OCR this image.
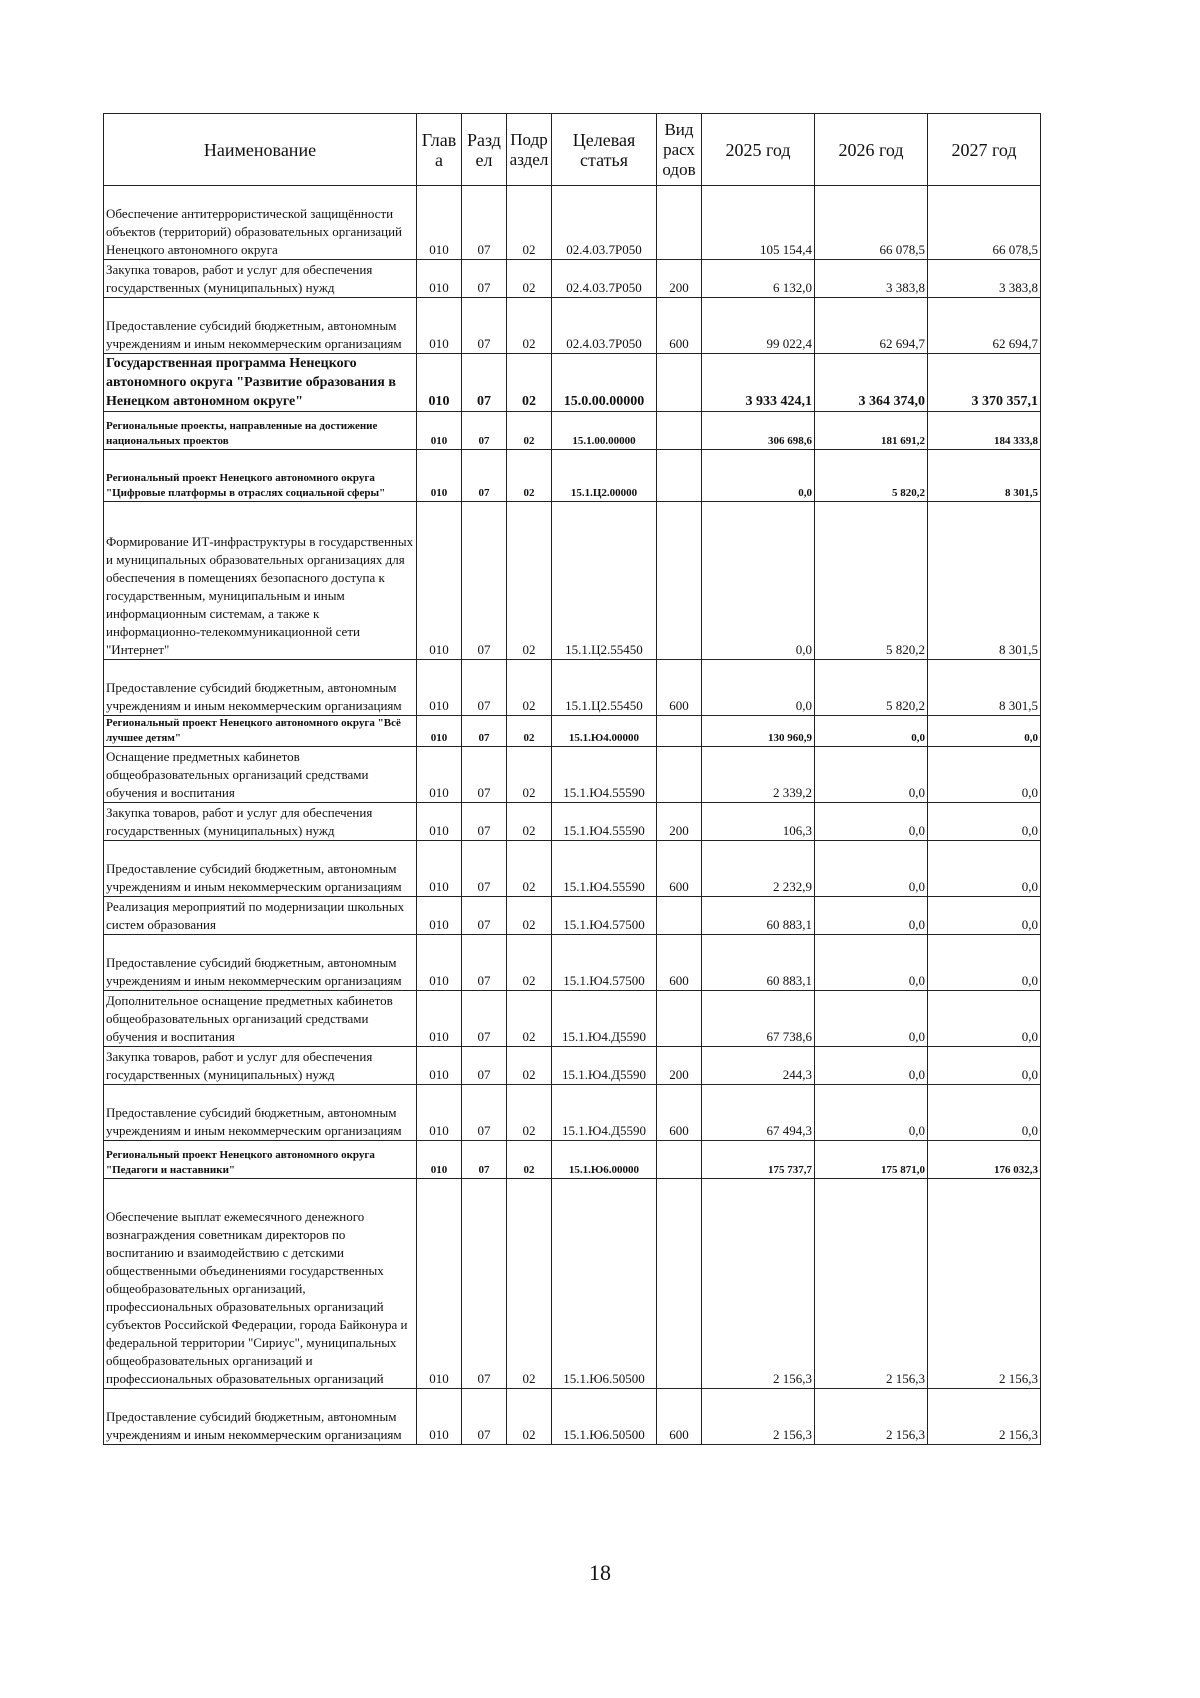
Наименование	Глав а	Разд ел	Подр аздел	Целевая статья	Вид расх одов	2025 год	2026 год	2027 год
Обеспечение антитеррористической защищённости объектов (территорий) образовательных организаций Ненецкого автономного округа	010	07	02	02.4.03.7P050		105 154,4	66 078,5	66 078,5
Закупка товаров, работ и услуг для обеспечения государственных (муниципальных) нужд	010	07	02	02.4.03.7P050	200	6 132,0	3 383,8	3 383,8
Предоставление субсидий бюджетным, автономным учреждениям и иным некоммерческим организациям	010	07	02	02.4.03.7P050	600	99 022,4	62 694,7	62 694,7
Государственная программа Ненецкого автономного округа "Развитие образования в Ненецком автономном округе"	010	07	02	15.0.00.00000		3 933 424,1	3 364 374,0	3 370 357,1
Региональные проекты, направленные на достижение национальных проектов	010	07	02	15.1.00.00000		306 698,6	181 691,2	184 333,8
Региональный проект Ненецкого автономного округа "Цифровые платформы в отраслях социальной сферы"	010	07	02	15.1.Ц2.00000		0,0	5 820,2	8 301,5
Формирование ИТ-инфраструктуры в государственных и муниципальных образовательных организациях для обеспечения в помещениях безопасного доступа к государственным, муниципальным и иным информационным системам, а также к информационно-телекоммуникационной сети "Интернет"	010	07	02	15.1.Ц2.55450		0,0	5 820,2	8 301,5
Предоставление субсидий бюджетным, автономным учреждениям и иным некоммерческим организациям	010	07	02	15.1.Ц2.55450	600	0,0	5 820,2	8 301,5
Региональный проект Ненецкого автономного округа "Всё лучшее детям"	010	07	02	15.1.Ю4.00000		130 960,9	0,0	0,0
Оснащение предметных кабинетов общеобразовательных организаций средствами обучения и воспитания	010	07	02	15.1.Ю4.55590		2 339,2	0,0	0,0
Закупка товаров, работ и услуг для обеспечения государственных (муниципальных) нужд	010	07	02	15.1.Ю4.55590	200	106,3	0,0	0,0
Предоставление субсидий бюджетным, автономным учреждениям и иным некоммерческим организациям	010	07	02	15.1.Ю4.55590	600	2 232,9	0,0	0,0
Реализация мероприятий по модернизации школьных систем образования	010	07	02	15.1.Ю4.57500		60 883,1	0,0	0,0
Предоставление субсидий бюджетным, автономным учреждениям и иным некоммерческим организациям	010	07	02	15.1.Ю4.57500	600	60 883,1	0,0	0,0
Дополнительное оснащение предметных кабинетов общеобразовательных организаций средствами обучения и воспитания	010	07	02	15.1.Ю4.Д5590		67 738,6	0,0	0,0
Закупка товаров, работ и услуг для обеспечения государственных (муниципальных) нужд	010	07	02	15.1.Ю4.Д5590	200	244,3	0,0	0,0
Предоставление субсидий бюджетным, автономным учреждениям и иным некоммерческим организациям	010	07	02	15.1.Ю4.Д5590	600	67 494,3	0,0	0,0
Региональный проект Ненецкого автономного округа "Педагоги и наставники"	010	07	02	15.1.Ю6.00000		175 737,7	175 871,0	176 032,3
Обеспечение выплат ежемесячного денежного вознаграждения советникам директоров по воспитанию и взаимодействию с детскими общественными объединениями государственных общеобразовательных организаций, профессиональных образовательных организаций субъектов Российской Федерации, города Байконура и федеральной территории "Сириус", муниципальных общеобразовательных организаций и профессиональных образовательных организаций	010	07	02	15.1.Ю6.50500		2 156,3	2 156,3	2 156,3
Предоставление субсидий бюджетным, автономным учреждениям и иным некоммерческим организациям	010	07	02	15.1.Ю6.50500	600	2 156,3	2 156,3	2 156,3
18
